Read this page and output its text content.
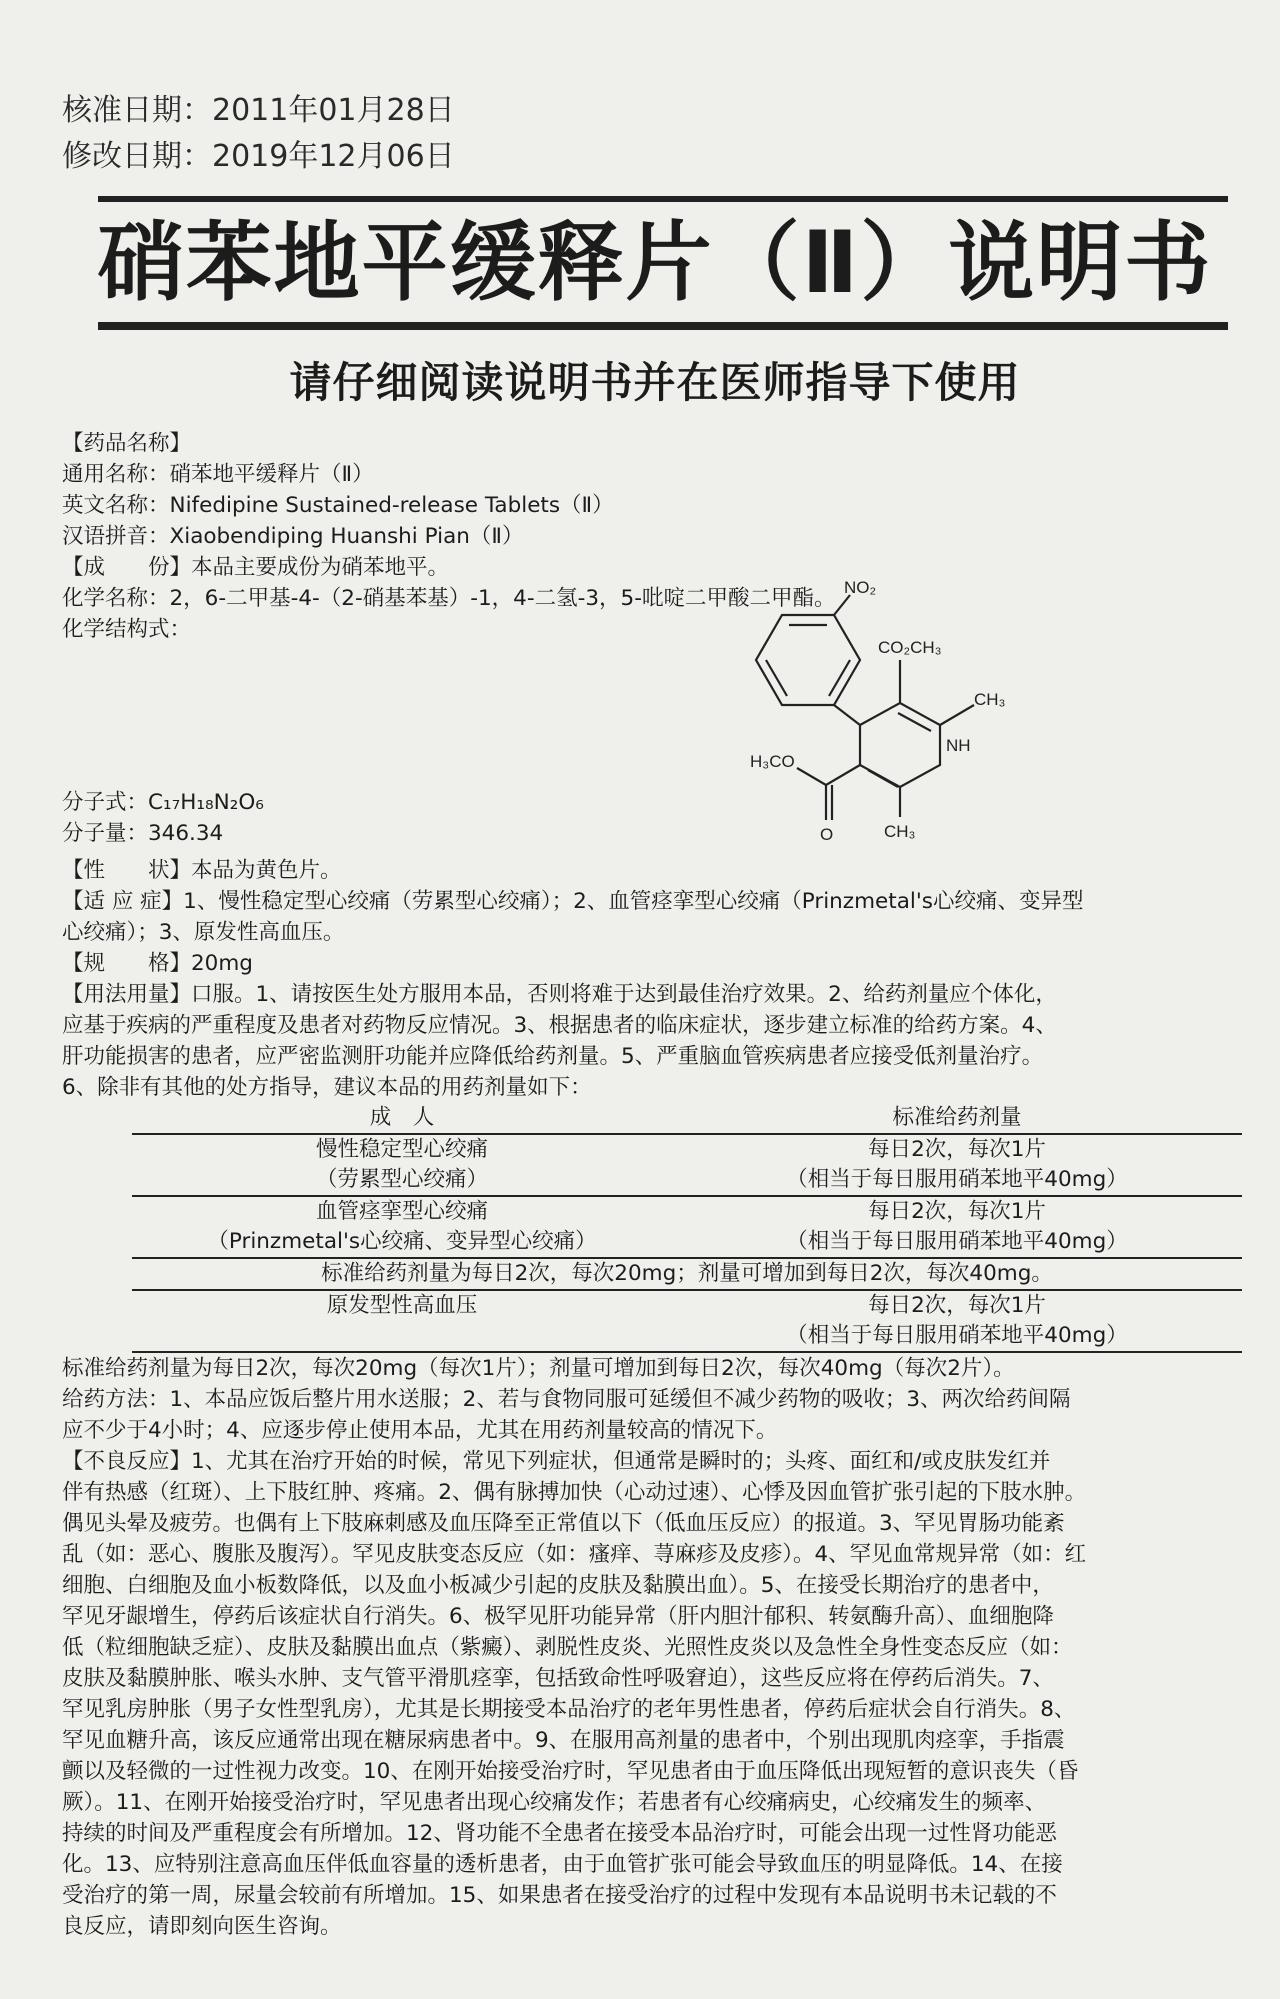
核准日期：2011年01月28日
修改日期：2019年12月06日
硝苯地平缓释片（Ⅱ）说明书
请仔细阅读说明书并在医师指导下使用
【药品名称】
通用名称：硝苯地平缓释片（Ⅱ）
英文名称：Nifedipine Sustained-release Tablets（Ⅱ）
汉语拼音：Xiaobendiping Huanshi Pian（Ⅱ）
【成　　份】本品主要成份为硝苯地平。
化学名称：2，6-二甲基-4-（2-硝基苯基）-1，4-二氢-3，5-吡啶二甲酸二甲酯。
化学结构式：
NO₂
CO₂CH₃
CH₃
NH
H₃CO
O	CH₃
分子式：C₁₇H₁₈N₂O₆
分子量：346.34
【性　　状】本品为黄色片。
【适 应 症】1、慢性稳定型心绞痛（劳累型心绞痛）；2、血管痉挛型心绞痛（Prinzmetal's心绞痛、变异型
心绞痛）；3、原发性高血压。
【规　　格】20mg
【用法用量】口服。1、请按医生处方服用本品，否则将难于达到最佳治疗效果。2、给药剂量应个体化，
应基于疾病的严重程度及患者对药物反应情况。3、根据患者的临床症状，逐步建立标准的给药方案。4、
肝功能损害的患者，应严密监测肝功能并应降低给药剂量。5、严重脑血管疾病患者应接受低剂量治疗。
6、除非有其他的处方指导，建议本品的用药剂量如下：
成　人	标准给药剂量
慢性稳定型心绞痛	每日2次，每次1片
（劳累型心绞痛）	（相当于每日服用硝苯地平40mg）
血管痉挛型心绞痛	每日2次，每次1片
（Prinzmetal's心绞痛、变异型心绞痛）	（相当于每日服用硝苯地平40mg）
标准给药剂量为每日2次，每次20mg；剂量可增加到每日2次，每次40mg。	
原发型性高血压	每日2次，每次1片
	（相当于每日服用硝苯地平40mg）
标准给药剂量为每日2次，每次20mg（每次1片）；剂量可增加到每日2次，每次40mg（每次2片）。
给药方法：1、本品应饭后整片用水送服；2、若与食物同服可延缓但不减少药物的吸收；3、两次给药间隔
应不少于4小时；4、应逐步停止使用本品，尤其在用药剂量较高的情况下。
【不良反应】1、尤其在治疗开始的时候，常见下列症状，但通常是瞬时的；头疼、面红和/或皮肤发红并
伴有热感（红斑）、上下肢红肿、疼痛。2、偶有脉搏加快（心动过速）、心悸及因血管扩张引起的下肢水肿。
偶见头晕及疲劳。也偶有上下肢麻刺感及血压降至正常值以下（低血压反应）的报道。3、罕见胃肠功能紊
乱（如：恶心、腹胀及腹泻）。罕见皮肤变态反应（如：瘙痒、荨麻疹及皮疹）。4、罕见血常规异常（如：红
细胞、白细胞及血小板数降低，以及血小板减少引起的皮肤及黏膜出血）。5、在接受长期治疗的患者中，
罕见牙龈增生，停药后该症状自行消失。6、极罕见肝功能异常（肝内胆汁郁积、转氨酶升高）、血细胞降
低（粒细胞缺乏症）、皮肤及黏膜出血点（紫癜）、剥脱性皮炎、光照性皮炎以及急性全身性变态反应（如：
皮肤及黏膜肿胀、喉头水肿、支气管平滑肌痉挛，包括致命性呼吸窘迫），这些反应将在停药后消失。7、
罕见乳房肿胀（男子女性型乳房），尤其是长期接受本品治疗的老年男性患者，停药后症状会自行消失。8、
罕见血糖升高，该反应通常出现在糖尿病患者中。9、在服用高剂量的患者中，个别出现肌肉痉挛，手指震
颤以及轻微的一过性视力改变。10、在刚开始接受治疗时，罕见患者由于血压降低出现短暂的意识丧失（昏
厥）。11、在刚开始接受治疗时，罕见患者出现心绞痛发作；若患者有心绞痛病史，心绞痛发生的频率、
持续的时间及严重程度会有所增加。12、肾功能不全患者在接受本品治疗时，可能会出现一过性肾功能恶
化。13、应特别注意高血压伴低血容量的透析患者，由于血管扩张可能会导致血压的明显降低。14、在接
受治疗的第一周，尿量会较前有所增加。15、如果患者在接受治疗的过程中发现有本品说明书未记载的不
良反应，请即刻向医生咨询。
